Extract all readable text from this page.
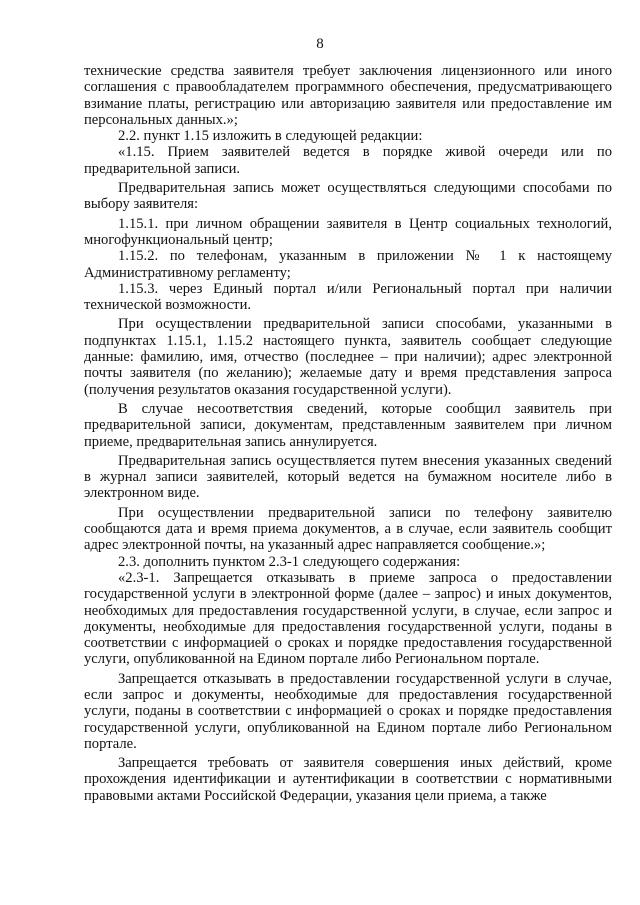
8

технические средства заявителя требует заключения лицензионного или иного соглашения с правообладателем программного обеспечения, предусматривающего взимание платы, регистрацию или авторизацию заявителя или предоставление им персональных данных.»;

2.2. пункт 1.15 изложить в следующей редакции:

«1.15. Прием заявителей ведется в порядке живой очереди или по предварительной записи.

Предварительная запись может осуществляться следующими способами по выбору заявителя:

1.15.1. при личном обращении заявителя в Центр социальных технологий, многофункциональный центр;

1.15.2. по телефонам, указанным в приложении № 1 к настоящему Административному регламенту;

1.15.3. через Единый портал и/или Региональный портал при наличии технической возможности.

При осуществлении предварительной записи способами, указанными в подпунктах 1.15.1, 1.15.2 настоящего пункта, заявитель сообщает следующие данные: фамилию, имя, отчество (последнее – при наличии); адрес электронной почты заявителя (по желанию); желаемые дату и время представления запроса (получения результатов оказания государственной услуги).

В случае несоответствия сведений, которые сообщил заявитель при предварительной записи, документам, представленным заявителем при личном приеме, предварительная запись аннулируется.

Предварительная запись осуществляется путем внесения указанных сведений в журнал записи заявителей, который ведется на бумажном носителе либо в электронном виде.

При осуществлении предварительной записи по телефону заявителю сообщаются дата и время приема документов, а в случае, если заявитель сообщит адрес электронной почты, на указанный адрес направляется сообщение.»;

2.3. дополнить пунктом 2.3-1 следующего содержания:

«2.3-1. Запрещается отказывать в приеме запроса о предоставлении государственной услуги в электронной форме (далее – запрос) и иных документов, необходимых для предоставления государственной услуги, в случае, если запрос и документы, необходимые для предоставления государственной услуги, поданы в соответствии с информацией о сроках и порядке предоставления государственной услуги, опубликованной на Едином портале либо Региональном портале.

Запрещается отказывать в предоставлении государственной услуги в случае, если запрос и документы, необходимые для предоставления государственной услуги, поданы в соответствии с информацией о сроках и порядке предоставления государственной услуги, опубликованной на Едином портале либо Региональном портале.

Запрещается требовать от заявителя совершения иных действий, кроме прохождения идентификации и аутентификации в соответствии с нормативными правовыми актами Российской Федерации, указания цели приема, а также
